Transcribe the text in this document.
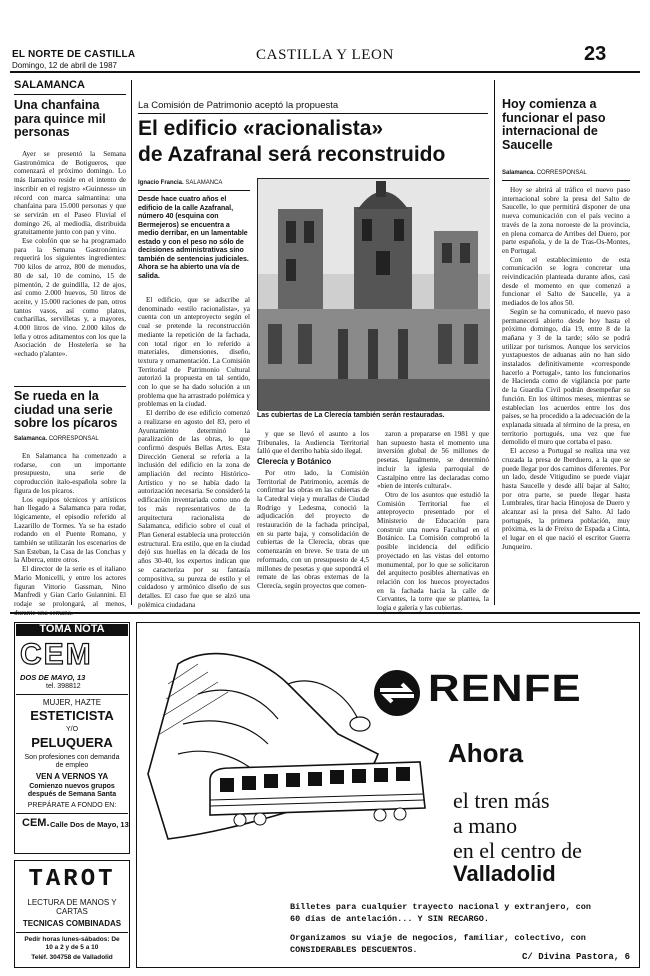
EL NORTE DE CASTILLA
Domingo, 12 de abril de 1987
CASTILLA Y LEON	23
SALAMANCA
Una chanfaina para quince mil personas

Ayer se presentó la Semana Gastronómica de Botigueros, que comenzará el próximo domingo. Lo más llamativo reside en el intento de inscribir en el registro «Guinness» un récord con marca salmantina: una chanfaina para 15.000 personas y que se servirán en el Paseo Fluvial el domingo 26, al mediodía, distribuida gratuitamente junto con pan y vino.

Ese colofón que se ha programado para la Semana Gastronómica requerirá los siguientes ingredientes: 700 kilos de arroz, 800 de menudos, 80 de sal, 10 de comino, 15 de pimentón, 2 de guindilla, 12 de ajos, así como 2.000 huevos, 50 litros de aceite, y 15.000 raciones de pan, otros tantos vasos, así como platos, cucharillas, servilletas y, a mayores, 4.000 litros de vino. 2.000 kilos de leña y otros aditamentos con los que la Asociación de Hostelería se ha «echado p'alante».

Se rueda en la ciudad una serie sobre los pícaros
Salamanca. CORRESPONSAL

En Salamanca ha comenzado a rodarse, con un importante presupuesto, una serie de coproducción italo-española sobre la figura de los pícaros.

Los equipos técnicos y artísticos han llegado a Salamanca para rodar, lógicamente, el episodio referido al Lazarillo de Tormes. Ya se ha estado rodando en el Puente Romano, y también se utilizarán los escenarios de San Esteban, la Casa de las Conchas y la Alberca, entre otros.

El director de la serie es el italiano Mario Monicelli, y entre los actores figuran Vittorio Gassman, Nino Manfredi y Gian Carlo Guiannini. El rodaje se prolongará, al menos,

La Comisión de Patrimonio aceptó la propuesta
El edificio «racionalista»
de Azafranal será reconstruido
Ignacio Francia. SALAMANCA
Desde hace cuatro años el edificio de la calle Azafranal, número 40 (esquina con Bermejeros) se encuentra a medio derribar, en un lamentable estado y con el peso no sólo de decisiones administrativas sino también de sentencias judiciales. Ahora se ha abierto una vía de salida.
Las cubiertas de La Clerecía también serán restauradas.

El edificio, que se adscribe al denominado «estilo racionalista», ya cuenta con un anteproyecto según el cual se pretende la reconstrucción mediante la repetición de la fachada, con total rigor en lo referido a materiales, dimensiones, diseño, textura y ornamentación. La Comisión Territorial de Patrimonio Cultural autorizó la propuesta en tal sentido, con lo que se ha dado solución a un problema que ha arrastrado polémica y problemas en la ciudad.

El derribo de ese edificio comenzó a realizarse en agosto del 83, pero el Ayuntamiento determinó la paralización de las obras, lo que confirmó después Bellas Artes. Esta Dirección General se refería a la inclusión del edificio en la zona de ampliación del recinto Histórico-Artístico y no se había dado la autorización necesaria. Se consideró la edificación inventariada como uno de los más representativos de la arquitectura racionalista de Salamanca, edificio sobre el cual el Plan General establecía una protección estructural. Era estilo, que en la ciudad dejó sus huellas en la década de los años 30-40, los expertos indican que se caracteriza por su fantasía compositiva, su pureza de estilo y el cuidadoso y armónico diseño de sus detalles. El caso fue que se alzó una polémica ciudadana

y que se llevó el asunto a los Tribunales, la Audiencia Territorial falló que el derribo había sido ilegal.

Clerecía y Botánico

Por otro lado, la Comisión Territorial de Patrimonio, acemás de confirmar las obras en las cubiertas de la Catedral vieja y murallas de Ciudad Rodrigo y Ledesma, conoció la adjudicación del proyecto de restauración de la fachada principal, en su parte baja, y consolidación de cubiertas de la Clerecía, obras que comenzarán en breve. Se trata de un reformado, con un presupuesto de 4,5 millones de pesetas y que supondrá el remate de las obras externas de la Clerecía, según proyectos que comen-

zaron a prepararse en 1981 y que han supuesto hasta el momento una inversión global de 56 millones de pesetas. Igualmente, se determinó incluir la iglesia parroquial de Castalpino entre las declaradas como «bien de interés cultural».

Otro de los asuntos que estudió la Comisión Territorial fue el anteproyecto presentado por el Ministerio de Educación para construir una nueva Facultad en el Botánico. La Comisión comprobó la posible incidencia del edificio proyectado en las vistas del entorno monumental, por lo que se solicitaron del arquitecto posibles alternativas en relación con los huecos proyectados en la fachada hacia la calle de Cervantes, la torre que se plantea, la logia e galería y las cubiertas.

Hoy comienza a funcionar el paso internacional de Saucelle
Salamanca. CORRESPONSAL

Hoy se abrirá al tráfico el nuevo paso internacional sobre la presa del Salto de Saucelle, lo que permitirá disponer de una nueva comunicación con el país vecino a través de la zona noroeste de la provincia, en plena comarca de Arribes del Duero, por parte española, y de la de Tras-Os-Montes, en Portugal.

Con el establecimiento de esta comunicación se logra concretar una reivindicación planteada durante años, casi desde el momento en que comenzó a funcionar el Salto de Saucelle, ya a mediados de los años 50.

Según se ha comunicado, el nuevo paso permanecerá abierto desde hoy hasta el próximo domingo, día 19, entre 8 de la mañana y 3 de la tarde; sólo se podrá utilizar por turismos. Aunque los servicios yuxtapuestos de aduanas aún no han sido instalados definitivamente «corresponde hacerlo a Portugal», tanto los funcionarios de Hacienda como de vigilancia por parte de la Guardia Civil podrán desempeñar su función. En los últimos meses, mientras se establecían los acuerdos entre los dos países, se ha procedido a la adecuación de la explanada situada al término de la presa, en territorio portugués, una vez que fue demolido el muro que cortaba el paso.

El acceso a Portugal se realiza una vez cruzada la presa de Iberduero, a la que se puede llegar por dos caminos diferentes. Por un lado, desde Vitigudino se puede viajar hasta Saucelle y desde allí bajar al Salto; por otra parte, se puede llegar hasta Lumbrales, tirar hacia Hinojosa de Duero y alcanzar así la presa del Salto. Al lado portugués, la primera población, muy próxima, es la de Freixo de Espada a Cinta, el lugar en el que nació el escritor Guerra Junqueiro.

TOMA NOTA
CEM
DOS DE MAYO, 13
tel. 398812
MUJER, HAZTE
ESTETICISTA
Y/O
PELUQUERA
Son profesiones con demanda de empleo
VEN A VERNOS YA
Comienzo nuevos grupos después de Semana Santa
PREPÁRATE A FONDO EN:
CEM. Calle Dos de Mayo, 13
TAROT
LECTURA DE MANOS Y CARTAS
TECNICAS COMBINADAS
Pedir horas lunes-sábados: De 10 a 2 y de 5 a 10
Teléf. 304758 de Valladolid
RENFE
Ahora
el tren más
a mano
en el centro de
Valladolid
Billetes para cualquier trayecto nacional y extranjero, con
60 días de antelación... Y SIN RECARGO.
Organizamos su viaje de negocios, familiar, colectivo, con
CONSIDERABLES DESCUENTOS.
C/ Divina Pastora, 6
